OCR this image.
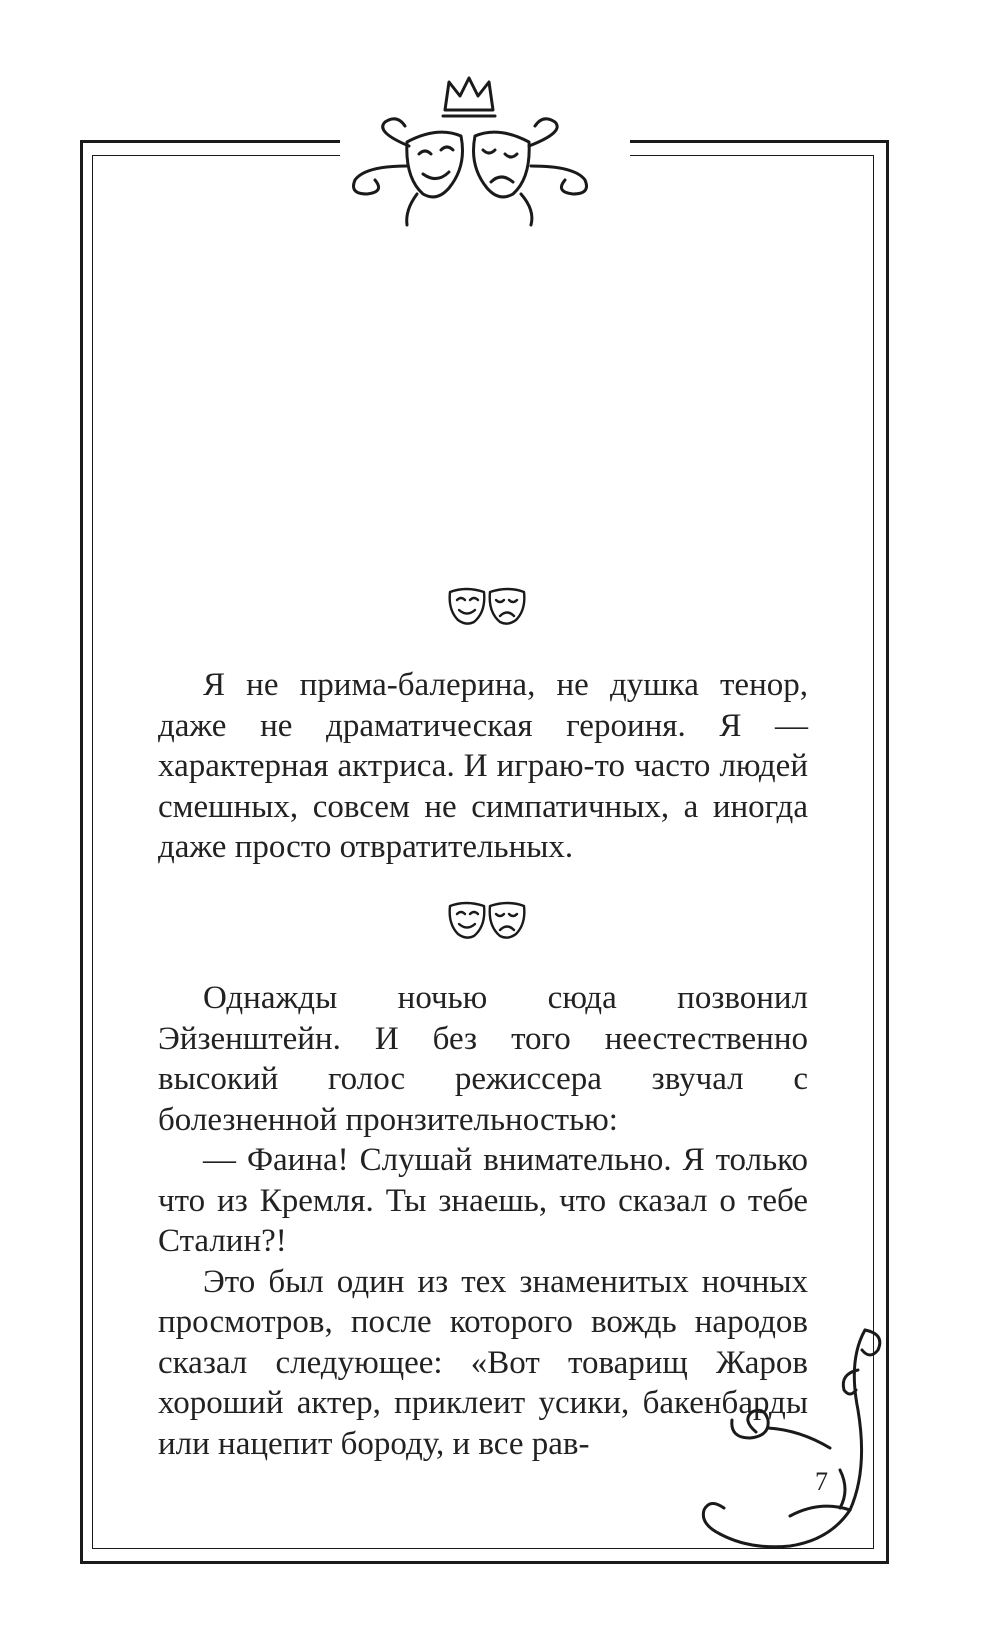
Я не прима-балерина, не душка тенор, даже не драматическая героиня. Я — характерная актриса. И играю-то часто людей смешных, совсем не симпатичных, а иногда даже просто отвратительных.

Однажды ночью сюда позвонил Эйзенштейн. И без того неестественно высокий голос режиссера звучал с болезненной пронзительностью:

— Фаина! Слушай внимательно. Я только что из Кремля. Ты знаешь, что сказал о тебе Сталин?!

Это был один из тех знаменитых ночных просмотров, после которого вождь народов сказал следующее: «Вот товарищ Жаров хороший актер, приклеит усики, бакенбарды или нацепит бороду, и все рав-

7
